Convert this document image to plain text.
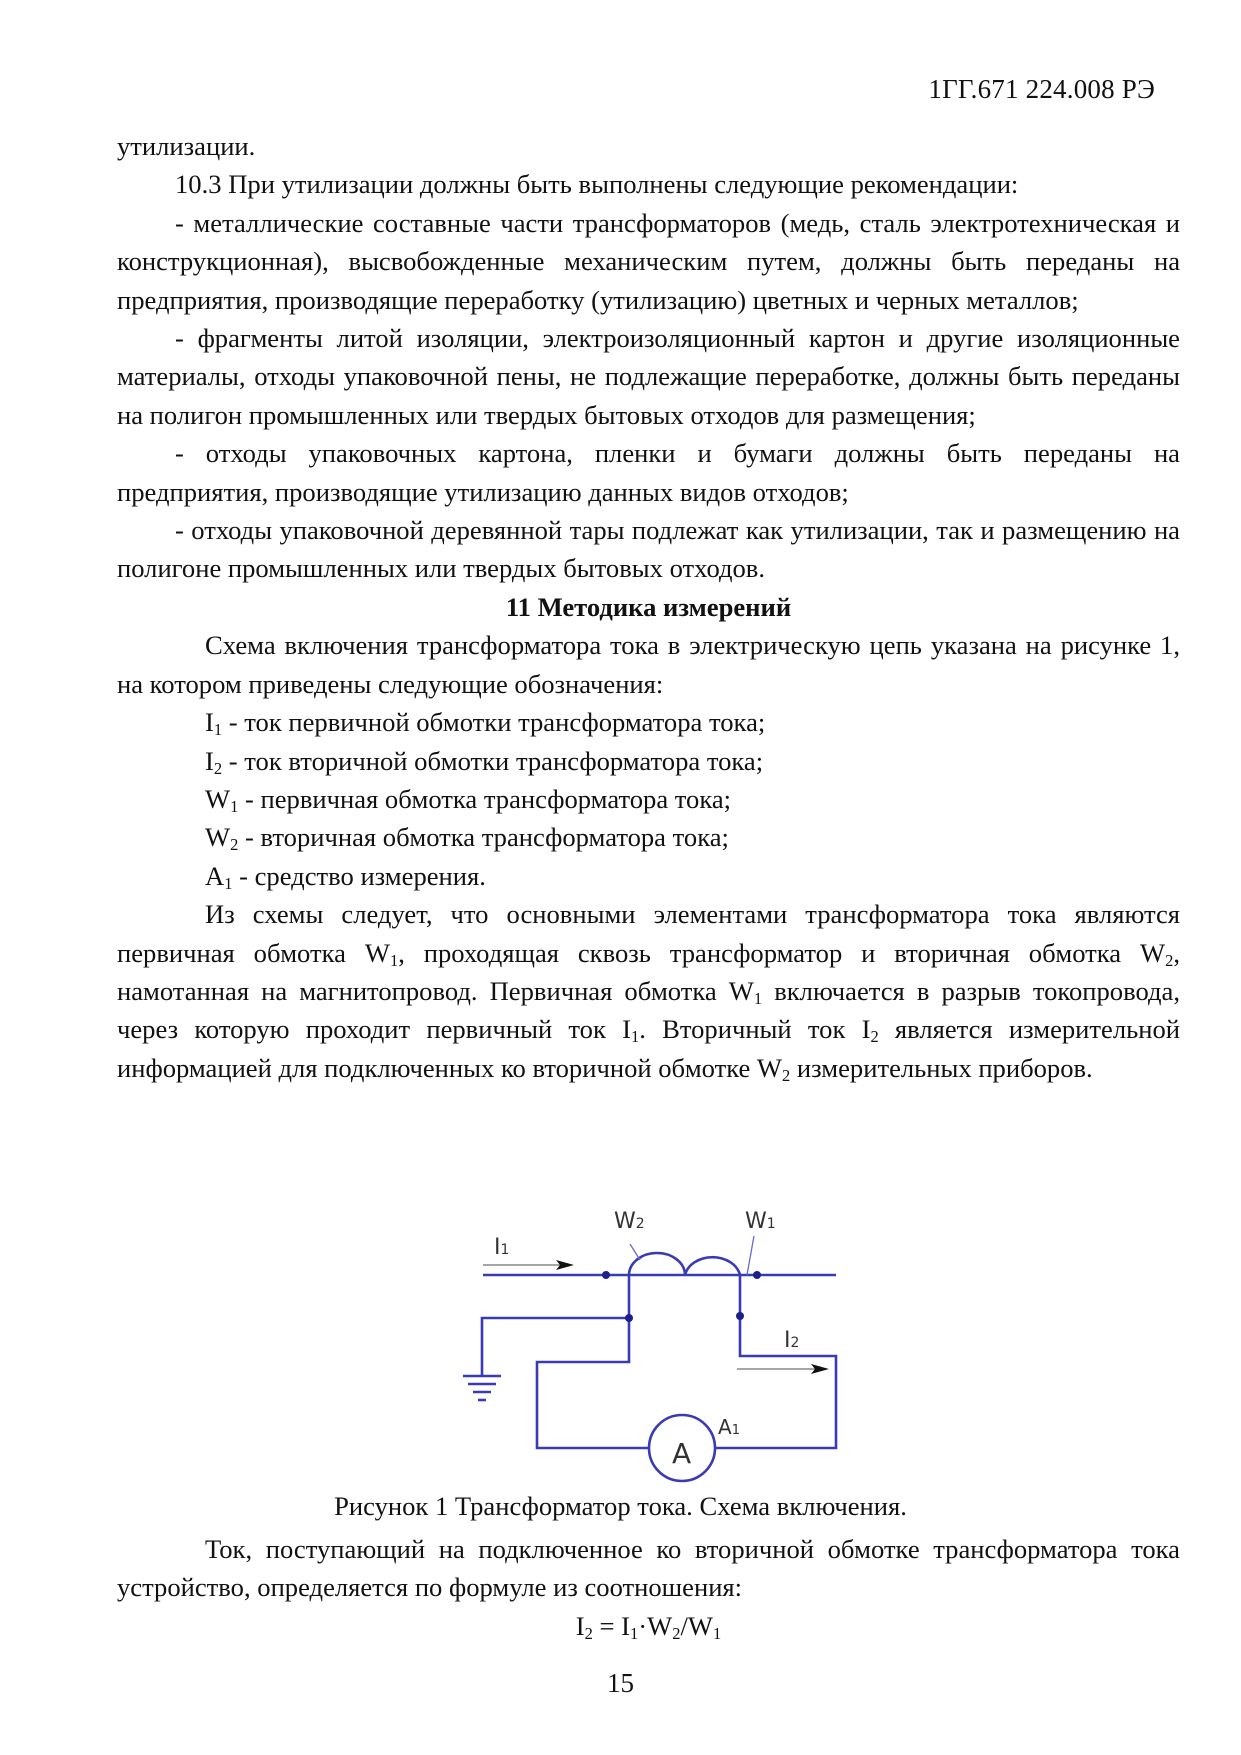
1ГГ.671 224.008 РЭ

утилизации.

10.3 При утилизации должны быть выполнены следующие рекомендации:

- металлические составные части трансформаторов (медь, сталь электротехническая и конструкционная), высвобожденные механическим путем, должны быть переданы на предприятия, производящие переработку (утилизацию) цветных и черных металлов;

- фрагменты литой изоляции, электроизоляционный картон и другие изоляционные материалы, отходы упаковочной пены, не подлежащие переработке, должны быть переданы на полигон промышленных или твердых бытовых отходов для размещения;

- отходы упаковочных картона, пленки и бумаги должны быть переданы на предприятия, производящие утилизацию данных видов отходов;

- отходы упаковочной деревянной тары подлежат как утилизации, так и размещению на полигоне промышленных или твердых бытовых отходов.

11 Методика измерений

Схема включения трансформатора тока в электрическую цепь указана на рисунке 1, на котором приведены следующие обозначения:

$I_1$ - ток первичной обмотки трансформатора тока;

$I_2$ - ток вторичной обмотки трансформатора тока;

$W_1$ - первичная обмотка трансформатора тока;

$W_2$ - вторичная обмотка трансформатора тока;

$A_1$ - средство измерения.

Из схемы следует, что основными элементами трансформатора тока являются первичная обмотка $W_1$, проходящая сквозь трансформатор и вторичная обмотка $W_2$, намотанная на магнитопровод. Первичная обмотка $W_1$ включается в разрыв токопровода, через которую проходит первичный ток $I_1$. Вторичный ток $I_2$ является измерительной информацией для подключенных ко вторичной обмотке $W_2$ измерительных приборов.

I1
W2	W1
I2
A1
A
Рисунок 1 Трансформатор тока. Схема включения.

Ток, поступающий на подключенное ко вторичной обмотке трансформатора тока устройство, определяется по формуле из соотношения:

$I_2 = I_1\cdot W_2/W_1$

15
